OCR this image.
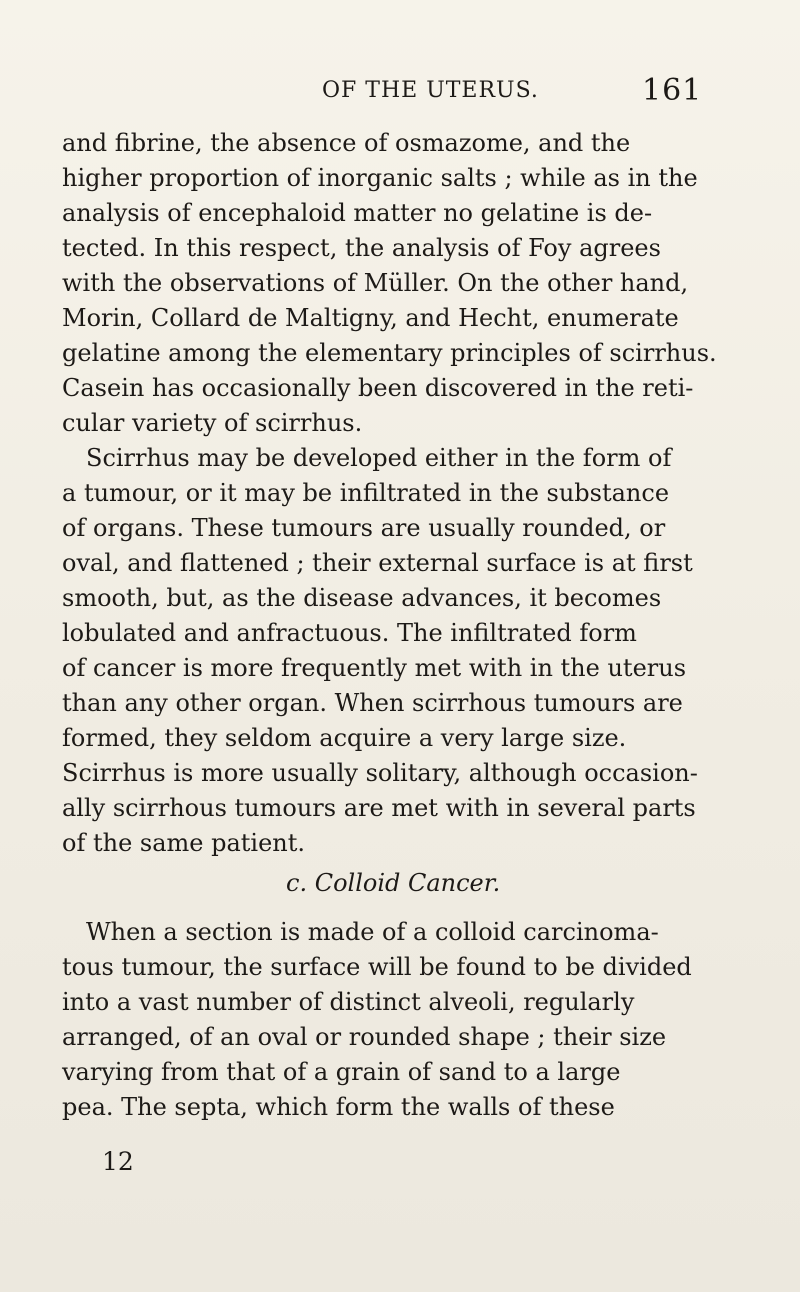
OF THE UTERUS.	161
and fibrine, the absence of osmazome, and the
higher proportion of inorganic salts ; while as in the
analysis of encephaloid matter no gelatine is de-
tected. In this respect, the analysis of Foy agrees
with the observations of Müller. On the other hand,
Morin, Collard de Maltigny, and Hecht, enumerate
gelatine among the elementary principles of scirrhus.
Casein has occasionally been discovered in the reti-
cular variety of scirrhus.
Scirrhus may be developed either in the form of
a tumour, or it may be infiltrated in the substance
of organs. These tumours are usually rounded, or
oval, and flattened ; their external surface is at first
smooth, but, as the disease advances, it becomes
lobulated and anfractuous. The infiltrated form
of cancer is more frequently met with in the uterus
than any other organ. When scirrhous tumours are
formed, they seldom acquire a very large size.
Scirrhus is more usually solitary, although occasion-
ally scirrhous tumours are met with in several parts
of the same patient.
c. Colloid Cancer.
When a section is made of a colloid carcinoma-
tous tumour, the surface will be found to be divided
into a vast number of distinct alveoli, regularly
arranged, of an oval or rounded shape ; their size
varying from that of a grain of sand to a large
pea. The septa, which form the walls of these
12
